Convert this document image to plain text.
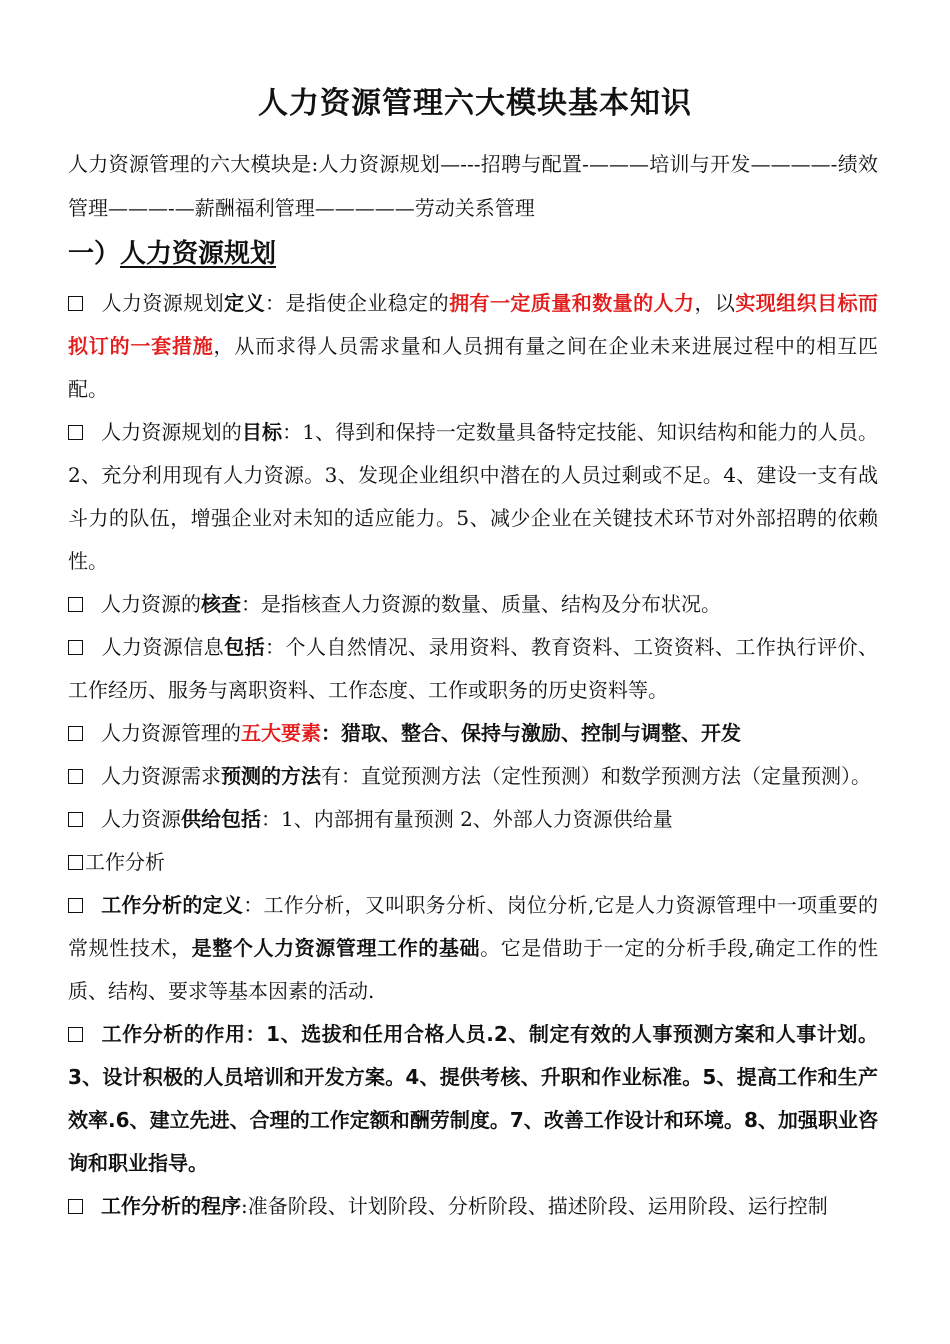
人力资源管理六大模块基本知识

人力资源管理的六大模块是:人力资源规划—---招聘与配置-———培训与开发————-绩效管理———-—薪酬福利管理—————劳动关系管理

一）人力资源规划

人力资源规划定义：是指使企业稳定的拥有一定质量和数量的人力，以实现组织目标而拟订的一套措施，从而求得人员需求量和人员拥有量之间在企业未来进展过程中的相互匹配。

人力资源规划的目标：1、得到和保持一定数量具备特定技能、知识结构和能力的人员。2、充分利用现有人力资源。3、发现企业组织中潜在的人员过剩或不足。4、建设一支有战斗力的队伍，增强企业对未知的适应能力。5、减少企业在关键技术环节对外部招聘的依赖性。

人力资源的核查：是指核查人力资源的数量、质量、结构及分布状况。

人力资源信息包括：个人自然情况、录用资料、教育资料、工资资料、工作执行评价、工作经历、服务与离职资料、工作态度、工作或职务的历史资料等。

人力资源管理的五大要素：猎取、整合、保持与激励、控制与调整、开发

人力资源需求预测的方法有：直觉预测方法（定性预测）和数学预测方法（定量预测）。

人力资源供给包括：1、内部拥有量预测 2、外部人力资源供给量

工作分析

工作分析的定义：工作分析，又叫职务分析、岗位分析,它是人力资源管理中一项重要的常规性技术，是整个人力资源管理工作的基础。它是借助于一定的分析手段,确定工作的性质、结构、要求等基本因素的活动.

工作分析的作用：1、选拔和任用合格人员.2、制定有效的人事预测方案和人事计划。3、设计积极的人员培训和开发方案。4、提供考核、升职和作业标准。5、提高工作和生产效率.6、建立先进、合理的工作定额和酬劳制度。7、改善工作设计和环境。8、加强职业咨询和职业指导。

工作分析的程序:准备阶段、计划阶段、分析阶段、描述阶段、运用阶段、运行控制
